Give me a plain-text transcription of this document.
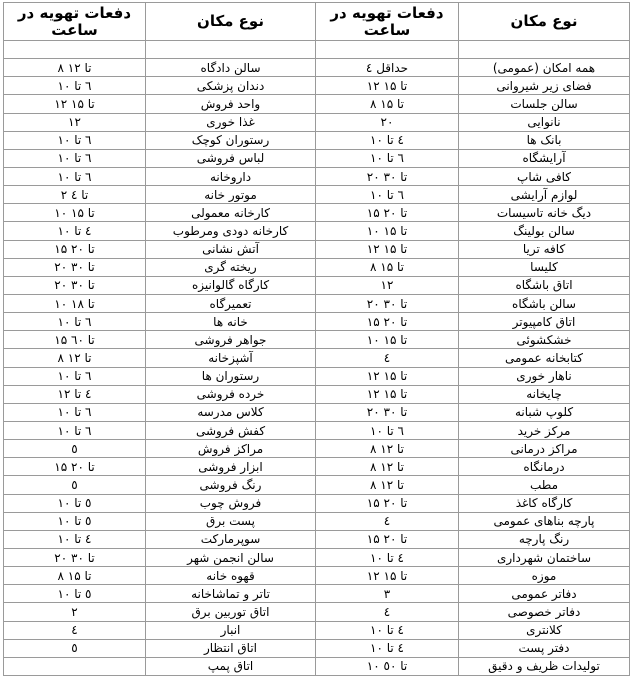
دفعات تهویه در ساعت	نوع مکان	دفعات تهویه در ساعت	نوع مکان

۸ تا ۱۲	سالن دادگاه	حداقل ٤	همه امکان (عمومی)
٦ تا ۱۰	دندان پزشکی	۱۲ تا ۱۵	فضای زیر شیروانی
۱۲ تا ۱۵	واحد فروش	۸ تا ۱۵	سالن جلسات
۱۲	غذا خوری	۲۰	نانوایی
٦ تا ۱۰	رستوران کوچک	٤ تا ۱۰	بانک ها
٦ تا ۱۰	لباس فروشی	٦ تا ۱۰	آرایشگاه
٦ تا ۱۰	داروخانه	۲۰ تا ۳۰	کافی شاپ
۲ تا ٤	موتور خانه	٦ تا ۱۰	لوازم آرایشی
۱۰ تا ۱۵	کارخانه معمولی	۱۵ تا ۲۰	دیگ خانه تاسیسات
٤ تا ۱۰	کارخانه دودی ومرطوب	۱۰ تا ۱۵	سالن بولینگ
۱۵ تا ۲۰	آتش نشانی	۱۲ تا ۱۵	کافه تریا
۲۰ تا ۳۰	ریخته گری	۸ تا ۱۵	کلیسا
۲۰ تا ۳۰	کارگاه گالوانیزه	۱۲	اتاق باشگاه
۱۰ تا ۱۸	تعمیرگاه	۲۰ تا ۳۰	سالن باشگاه
٦ تا ۱۰	خانه ها	۱۵ تا ۲۰	اتاق کامپیوتر
۱۵ تا ٦۰	جواهر فروشی	۱۰ تا ۱۵	خشکشوئی
۸ تا ۱۲	آشپزخانه	٤	کتابخانه عمومی
٦ تا ۱۰	رستوران ها	۱۲ تا ۱۵	ناهار خوری
٤ تا ۱۲	خرده فروشی	۱۲ تا ۱۵	چایخانه
٦ تا ۱۰	کلاس مدرسه	۲۰ تا ۳۰	کلوپ شبانه
٦ تا ۱۰	کفش فروشی	٦ تا ۱۰	مرکز خرید
٥	مراکز فروش	۸ تا ۱۲	مراکز درمانی
۱۵ تا ۲۰	ابزار فروشی	۸ تا ۱۲	درمانگاه
٥	رنگ فروشی	۸ تا ۱۲	مطب
٥ تا ۱۰	فروش چوب	۱۵ تا ۲۰	کارگاه کاغذ
٥ تا ۱۰	پست برق	٤	پارچه بناهای عمومی
٤ تا ۱۰	سوپرمارکت	۱۵ تا ۲۰	رنگ پارچه
۲۰ تا ۳۰	سالن انجمن شهر	٤ تا ۱۰	ساختمان شهرداری
۸ تا ۱۵	قهوه خانه	۱۲ تا ۱۵	موزه
٥ تا ۱۰	تاتر و تماشاخانه	۳	دفاتر عمومی
۲	اتاق توربین برق	٤	دفاتر خصوصی
٤	انبار	٤ تا ۱۰	کلانتری
٥	اتاق انتظار	٤ تا ۱۰	دفتر پست
	اتاق پمپ	۱۰ تا ٥۰	تولیدات ظریف و دقیق
